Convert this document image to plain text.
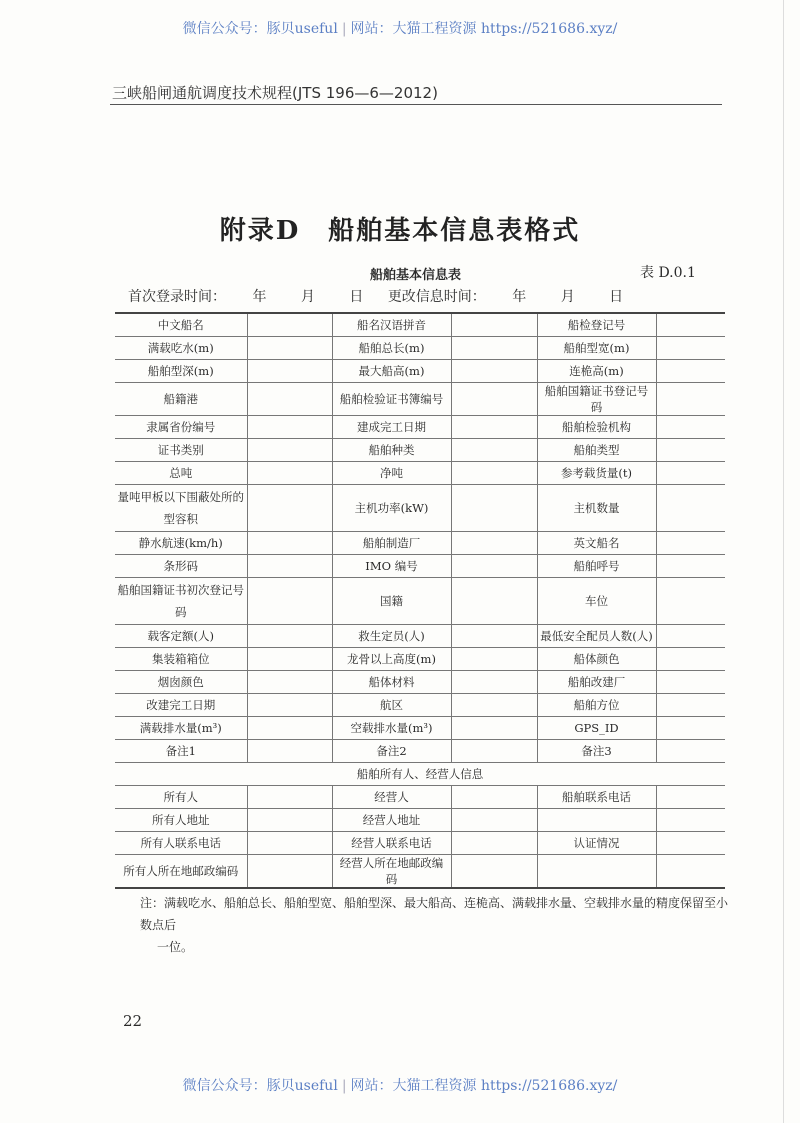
微信公众号：豚贝useful | 网站：大猫工程资源 https://521686.xyz/
三峡船闸通航调度技术规程(JTS 196—6—2012)
附录D　船舶基本信息表格式
船舶基本信息表	表 D.0.1
首次登录时间： 年 月 日 更改信息时间： 年 月 日
中文船名		船名汉语拼音		船检登记号	
满载吃水(m)		船舶总长(m)		船舶型宽(m)	
船舶型深(m)		最大船高(m)		连桅高(m)	
船籍港		船舶检验证书簿编号		船舶国籍证书登记号码	
隶属省份编号		建成完工日期		船舶检验机构	
证书类别		船舶种类		船舶类型	
总吨		净吨		参考载货量(t)	
量吨甲板以下围蔽处所的型容积		主机功率(kW)		主机数量	
静水航速(km/h)		船舶制造厂		英文船名	
条形码		IMO 编号		船舶呼号	
船舶国籍证书初次登记号码		国籍		车位	
载客定额(人)		救生定员(人)		最低安全配员人数(人)	
集装箱箱位		龙骨以上高度(m)		船体颜色	
烟囱颜色		船体材料		船舶改建厂	
改建完工日期		航区		船舶方位	
满载排水量(m³)		空载排水量(m³)		GPS_ID	
备注1		备注2		备注3	
船舶所有人、经营人信息					
所有人		经营人		船舶联系电话	
所有人地址		经营人地址			
所有人联系电话		经营人联系电话		认证情况	
所有人所在地邮政编码		经营人所在地邮政编码			
注：满载吃水、船舶总长、船舶型宽、船舶型深、最大船高、连桅高、满载排水量、空载排水量的精度保留至小数点后
一位。
22
微信公众号：豚贝useful | 网站：大猫工程资源 https://521686.xyz/
